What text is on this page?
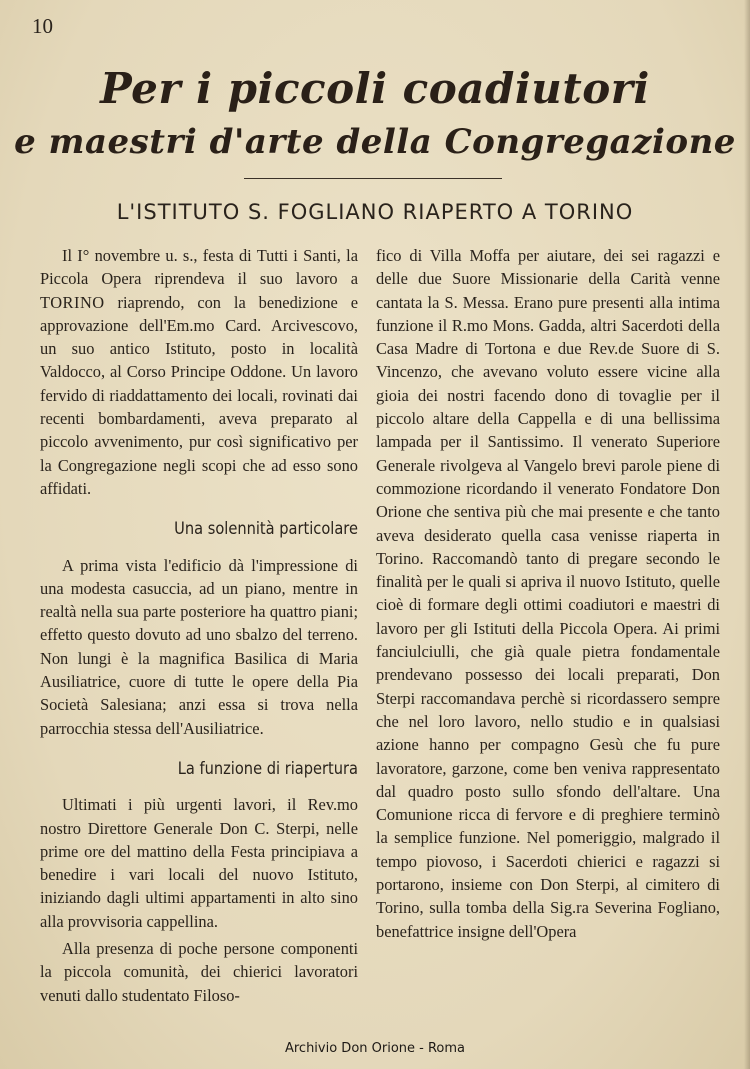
10
Per i piccoli coadiutori
e maestri d'arte della Congregazione
L'ISTITUTO S. FOGLIANO RIAPERTO A TORINO

Il I° novembre u. s., festa di Tutti i Santi, la Piccola Opera riprendeva il suo lavoro a TORINO riaprendo, con la benedizione e approvazione dell'Em.mo Card. Arcivescovo, un suo antico Istituto, posto in località Valdocco, al Corso Principe Oddone. Un lavoro fervido di riaddattamento dei locali, rovinati dai recenti bombardamenti, aveva preparato al piccolo avvenimento, pur così significativo per la Congregazione negli scopi che ad esso sono affidati.

Una solennità particolare

A prima vista l'edificio dà l'impressione di una modesta casuccia, ad un piano, mentre in realtà nella sua parte posteriore ha quattro piani; effetto questo dovuto ad uno sbalzo del terreno. Non lungi è la magnifica Basilica di Maria Ausiliatrice, cuore di tutte le opere della Pia Società Salesiana; anzi essa si trova nella parrocchia stessa dell'Ausiliatrice.

La funzione di riapertura

Ultimati i più urgenti lavori, il Rev.mo nostro Direttore Generale Don C. Sterpi, nelle prime ore del mattino della Festa principiava a benedire i vari locali del nuovo Istituto, iniziando dagli ultimi appartamenti in alto sino alla provvisoria cappellina.

Alla presenza di poche persone componenti la piccola comunità, dei chierici lavoratori venuti dallo studentato Filoso-

fico di Villa Moffa per aiutare, dei sei ragazzi e delle due Suore Missionarie della Carità venne cantata la S. Messa. Erano pure presenti alla intima funzione il R.mo Mons. Gadda, altri Sacerdoti della Casa Madre di Tortona e due Rev.de Suore di S. Vincenzo, che avevano voluto essere vicine alla gioia dei nostri facendo dono di tovaglie per il piccolo altare della Cappella e di una bellissima lampada per il Santissimo. Il venerato Superiore Generale rivolgeva al Vangelo brevi parole piene di commozione ricordando il venerato Fondatore Don Orione che sentiva più che mai presente e che tanto aveva desiderato quella casa venisse riaperta in Torino. Raccomandò tanto di pregare secondo le finalità per le quali si apriva il nuovo Istituto, quelle cioè di formare degli ottimi coadiutori e maestri di lavoro per gli Istituti della Piccola Opera. Ai primi fanciulciulli, che già quale pietra fondamentale prendevano possesso dei locali preparati, Don Sterpi raccomandava perchè si ricordassero sempre che nel loro lavoro, nello studio e in qualsiasi azione hanno per compagno Gesù che fu pure lavoratore, garzone, come ben veniva rappresentato dal quadro posto sullo sfondo dell'altare. Una Comunione ricca di fervore e di preghiere terminò la semplice funzione. Nel pomeriggio, malgrado il tempo piovoso, i Sacerdoti chierici e ragazzi si portarono, insieme con Don Sterpi, al cimitero di Torino, sulla tomba della Sig.ra Severina Fogliano, benefattrice insigne dell'Opera

Archivio Don Orione - Roma
